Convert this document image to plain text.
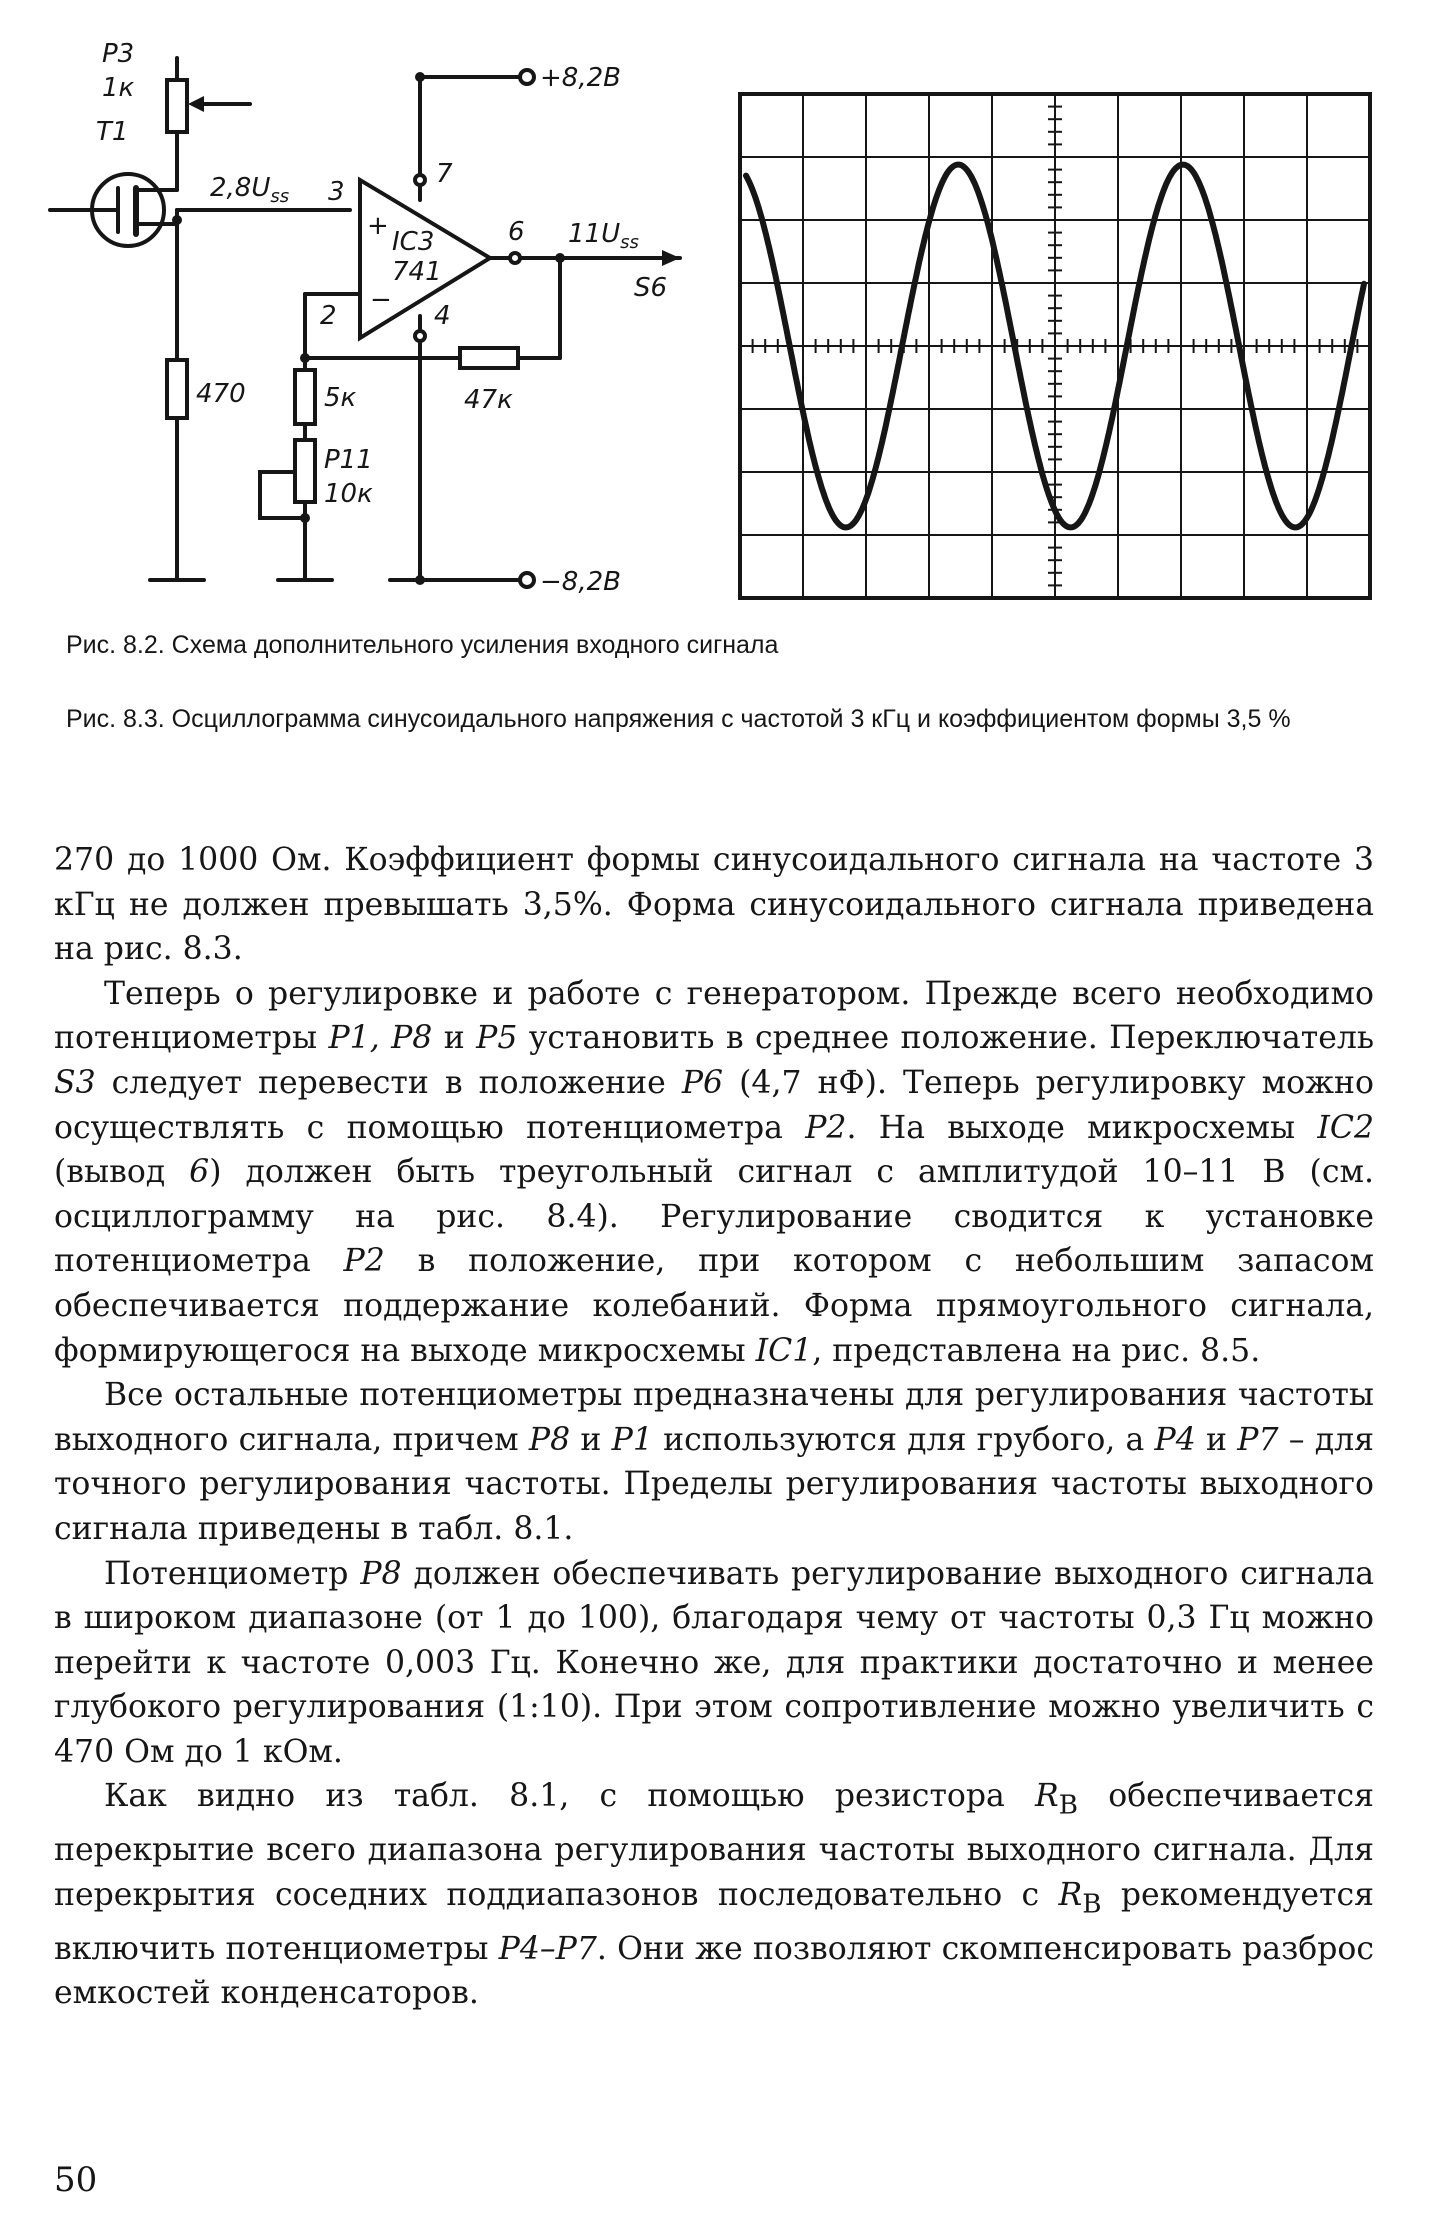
P3
1к
T1
$2,8U_{ss}$ 3
7
6
2	4
+
−
IC3
741
+8,2В
−8,2В
$11U_{ss}$
S6
470	5к
P11
10к
47к
Рис. 8.2. Схема дополнительного усиления входного сигнала
Рис. 8.3. Осциллограмма синусоидального напряжения с частотой 3 кГц и коэффициентом формы 3,5 %

270 до 1000 Ом. Коэффициент формы синусоидального сигнала на частоте 3 кГц не должен превышать 3,5%. Форма синусоидального сигнала приведена на рис. 8.3.

Теперь о регулировке и работе с генератором. Прежде всего необходимо потенциометры P1, P8 и P5 установить в среднее положение. Переключатель S3 следует перевести в положение P6 (4,7 нФ). Теперь регулировку можно осуществлять с помощью потенциометра P2. На выходе микросхемы IC2 (вывод 6) должен быть треугольный сигнал с амплитудой 10–11 В (см. осциллограмму на рис. 8.4). Регулирование сводится к установке потенциометра P2 в положение, при котором с небольшим запасом обеспечивается поддержание колебаний. Форма прямоугольного сигнала, формирующегося на выходе микросхемы IC1, представлена на рис. 8.5.

Все остальные потенциометры предназначены для регулирования частоты выходного сигнала, причем P8 и P1 используются для грубого, а P4 и P7 – для точного регулирования частоты. Пределы регулирования частоты выходного сигнала приведены в табл. 8.1.

Потенциометр P8 должен обеспечивать регулирование выходного сигнала в широком диапазоне (от 1 до 100), благодаря чему от частоты 0,3 Гц можно перейти к частоте 0,003 Гц. Конечно же, для практики достаточно и менее глубокого регулирования (1:10). При этом сопротивление можно увеличить с 470 Ом до 1 кОм.

Как видно из табл. 8.1, с помощью резистора $R_B$ обеспечивается перекрытие всего диапазона регулирования частоты выходного сигнала. Для перекрытия соседних поддиапазонов последовательно с $R_B$ рекомендуется включить потенциометры P4–P7. Они же позволяют скомпенсировать разброс емкостей конденсаторов.

50
